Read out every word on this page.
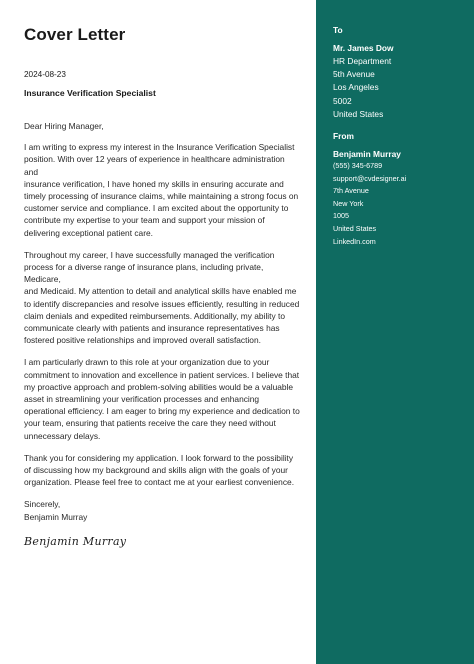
Cover Letter
2024-08-23
Insurance Verification Specialist

Dear Hiring Manager,

I am writing to express my interest in the Insurance Verification Specialist
position. With over 12 years of experience in healthcare administration and
insurance verification, I have honed my skills in ensuring accurate and
timely processing of insurance claims, while maintaining a strong focus on
customer service and compliance. I am excited about the opportunity to
contribute my expertise to your team and support your mission of
delivering exceptional patient care.

Throughout my career, I have successfully managed the verification
process for a diverse range of insurance plans, including private, Medicare,
and Medicaid. My attention to detail and analytical skills have enabled me
to identify discrepancies and resolve issues efficiently, resulting in reduced
claim denials and expedited reimbursements. Additionally, my ability to
communicate clearly with patients and insurance representatives has
fostered positive relationships and improved overall satisfaction.

I am particularly drawn to this role at your organization due to your
commitment to innovation and excellence in patient services. I believe that
my proactive approach and problem-solving abilities would be a valuable
asset in streamlining your verification processes and enhancing
operational efficiency. I am eager to bring my experience and dedication to
your team, ensuring that patients receive the care they need without
unnecessary delays.

Thank you for considering my application. I look forward to the possibility
of discussing how my background and skills align with the goals of your
organization. Please feel free to contact me at your earliest convenience.

Sincerely,

Benjamin Murray

Benjamin Murray
To
Mr. James Dow
HR Department
5th Avenue
Los Angeles
5002
United States
From
Benjamin Murray
(555) 345-6789
support@cvdesigner.ai
7th Avenue
New York
1005
United States
LinkedIn.com
